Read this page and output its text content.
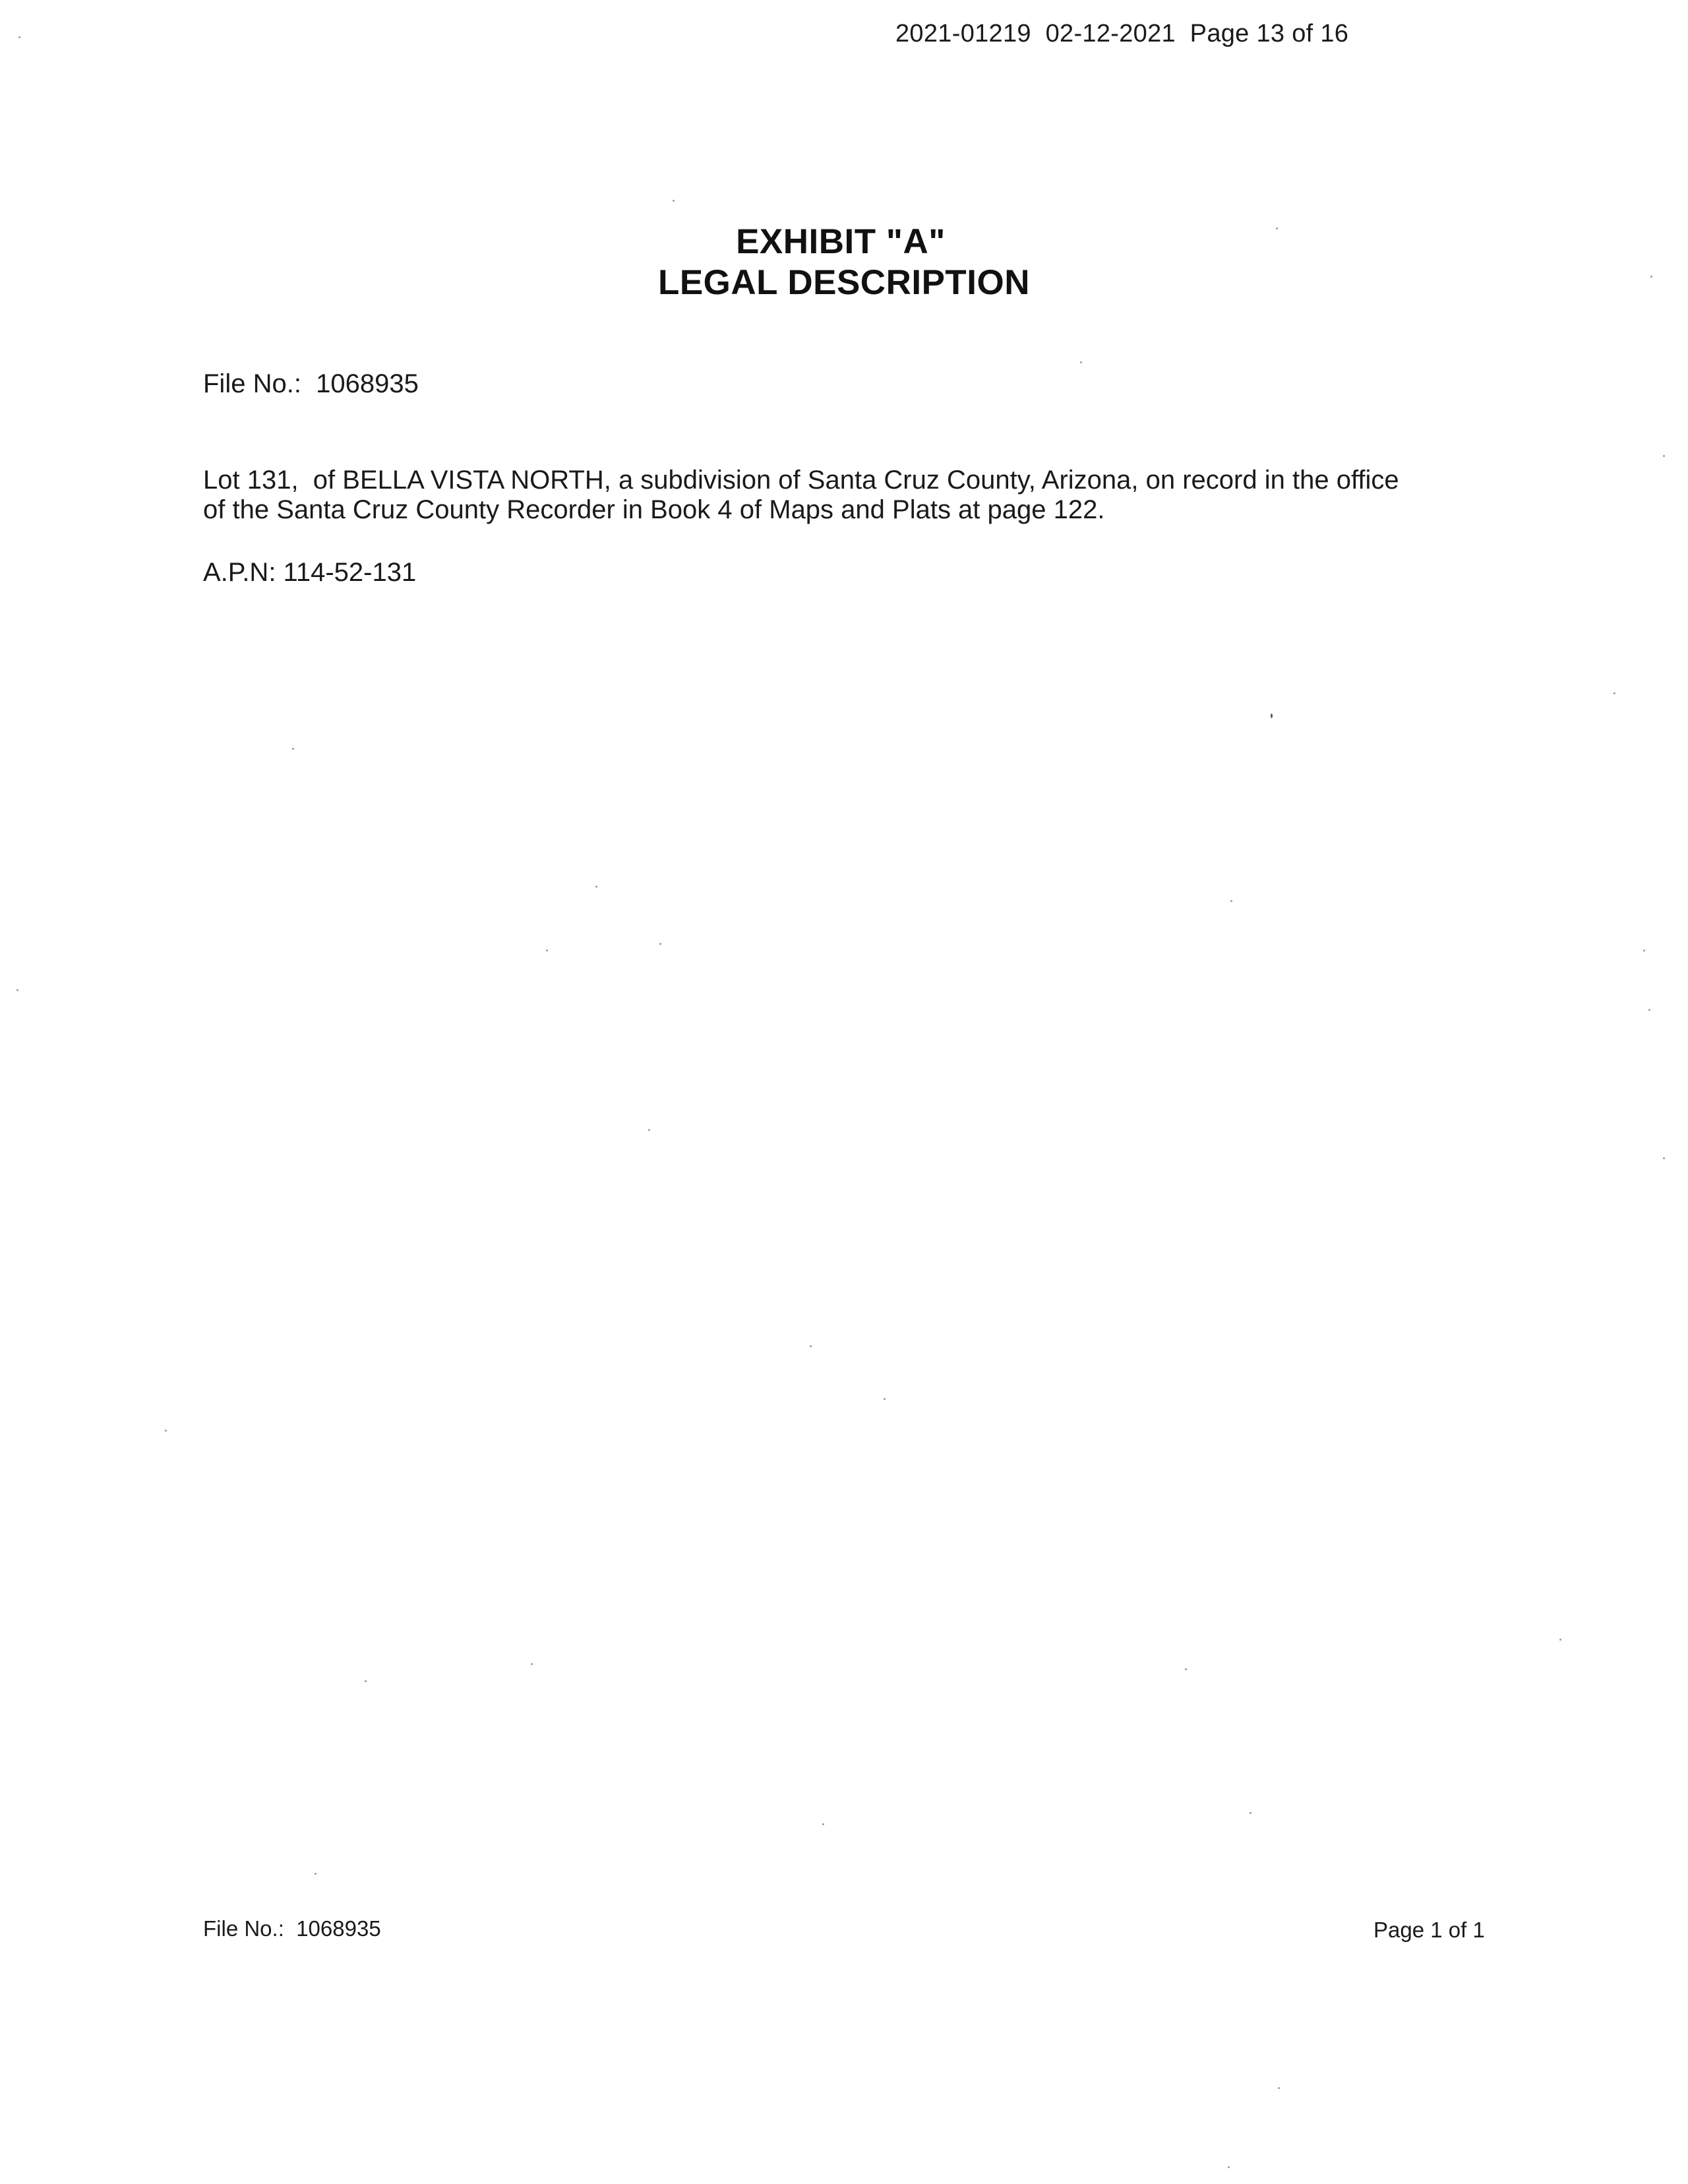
2021-01219  02-12-2021  Page 13 of 16
EXHIBIT "A"
LEGAL DESCRIPTION
File No.:  1068935
Lot 131,  of BELLA VISTA NORTH, a subdivision of Santa Cruz County, Arizona, on record in the office
of the Santa Cruz County Recorder in Book 4 of Maps and Plats at page 122.
A.P.N: 114-52-131
File No.:  1068935	Page 1 of 1
